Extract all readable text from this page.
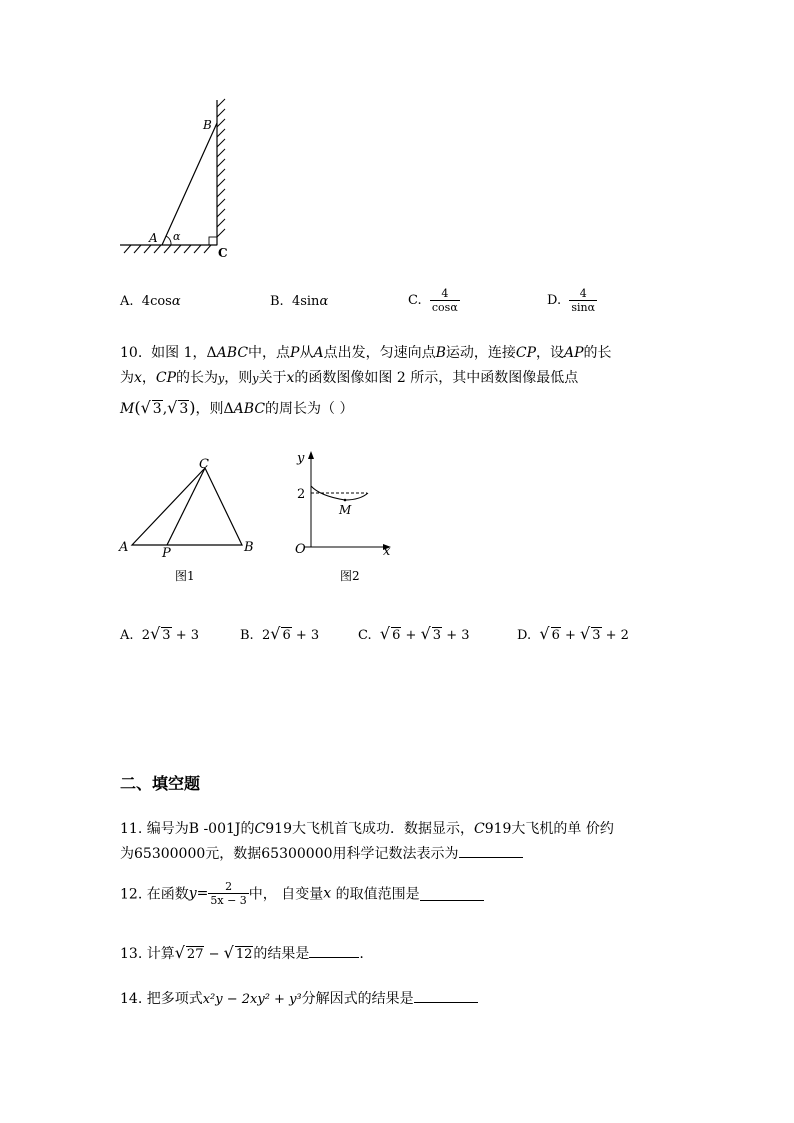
B
A α
C
A. 4cosα	B. 4sinα	C. $\frac{4}{\cos\alpha}$	D. $\frac{4}{\sin\alpha}$
10. 如图 1，ΔABC中，点P从A点出发，匀速向点B运动，连接CP，设AP的长
为x，CP的长为y，则y关于x的函数图像如图 2 所示，其中函数图像最低点
M(√ 3,√ 3)，则ΔABC的周长为（ ）
C
A	P	B
图1
y
2
M
O	x
图2
A. 2√ 3 + 3	B. 2√ 6 + 3	C. √ 6 + √ 3 + 3	D. √ 6 + √ 3 + 2
二、填空题
11. 编号为B -001J的C919大飞机首飞成功．数据显示，C919大飞机的单 价约
为65300000元，数据65300000用科学记数法表示为
12. 在函数$y= \frac{2}{5x - 3}$ 中， 自变量x 的取值范围是
13. 计算√ 27 − √ 12的结果是	.
14. 把多项式x²y − 2xy² + y³分解因式的结果是
